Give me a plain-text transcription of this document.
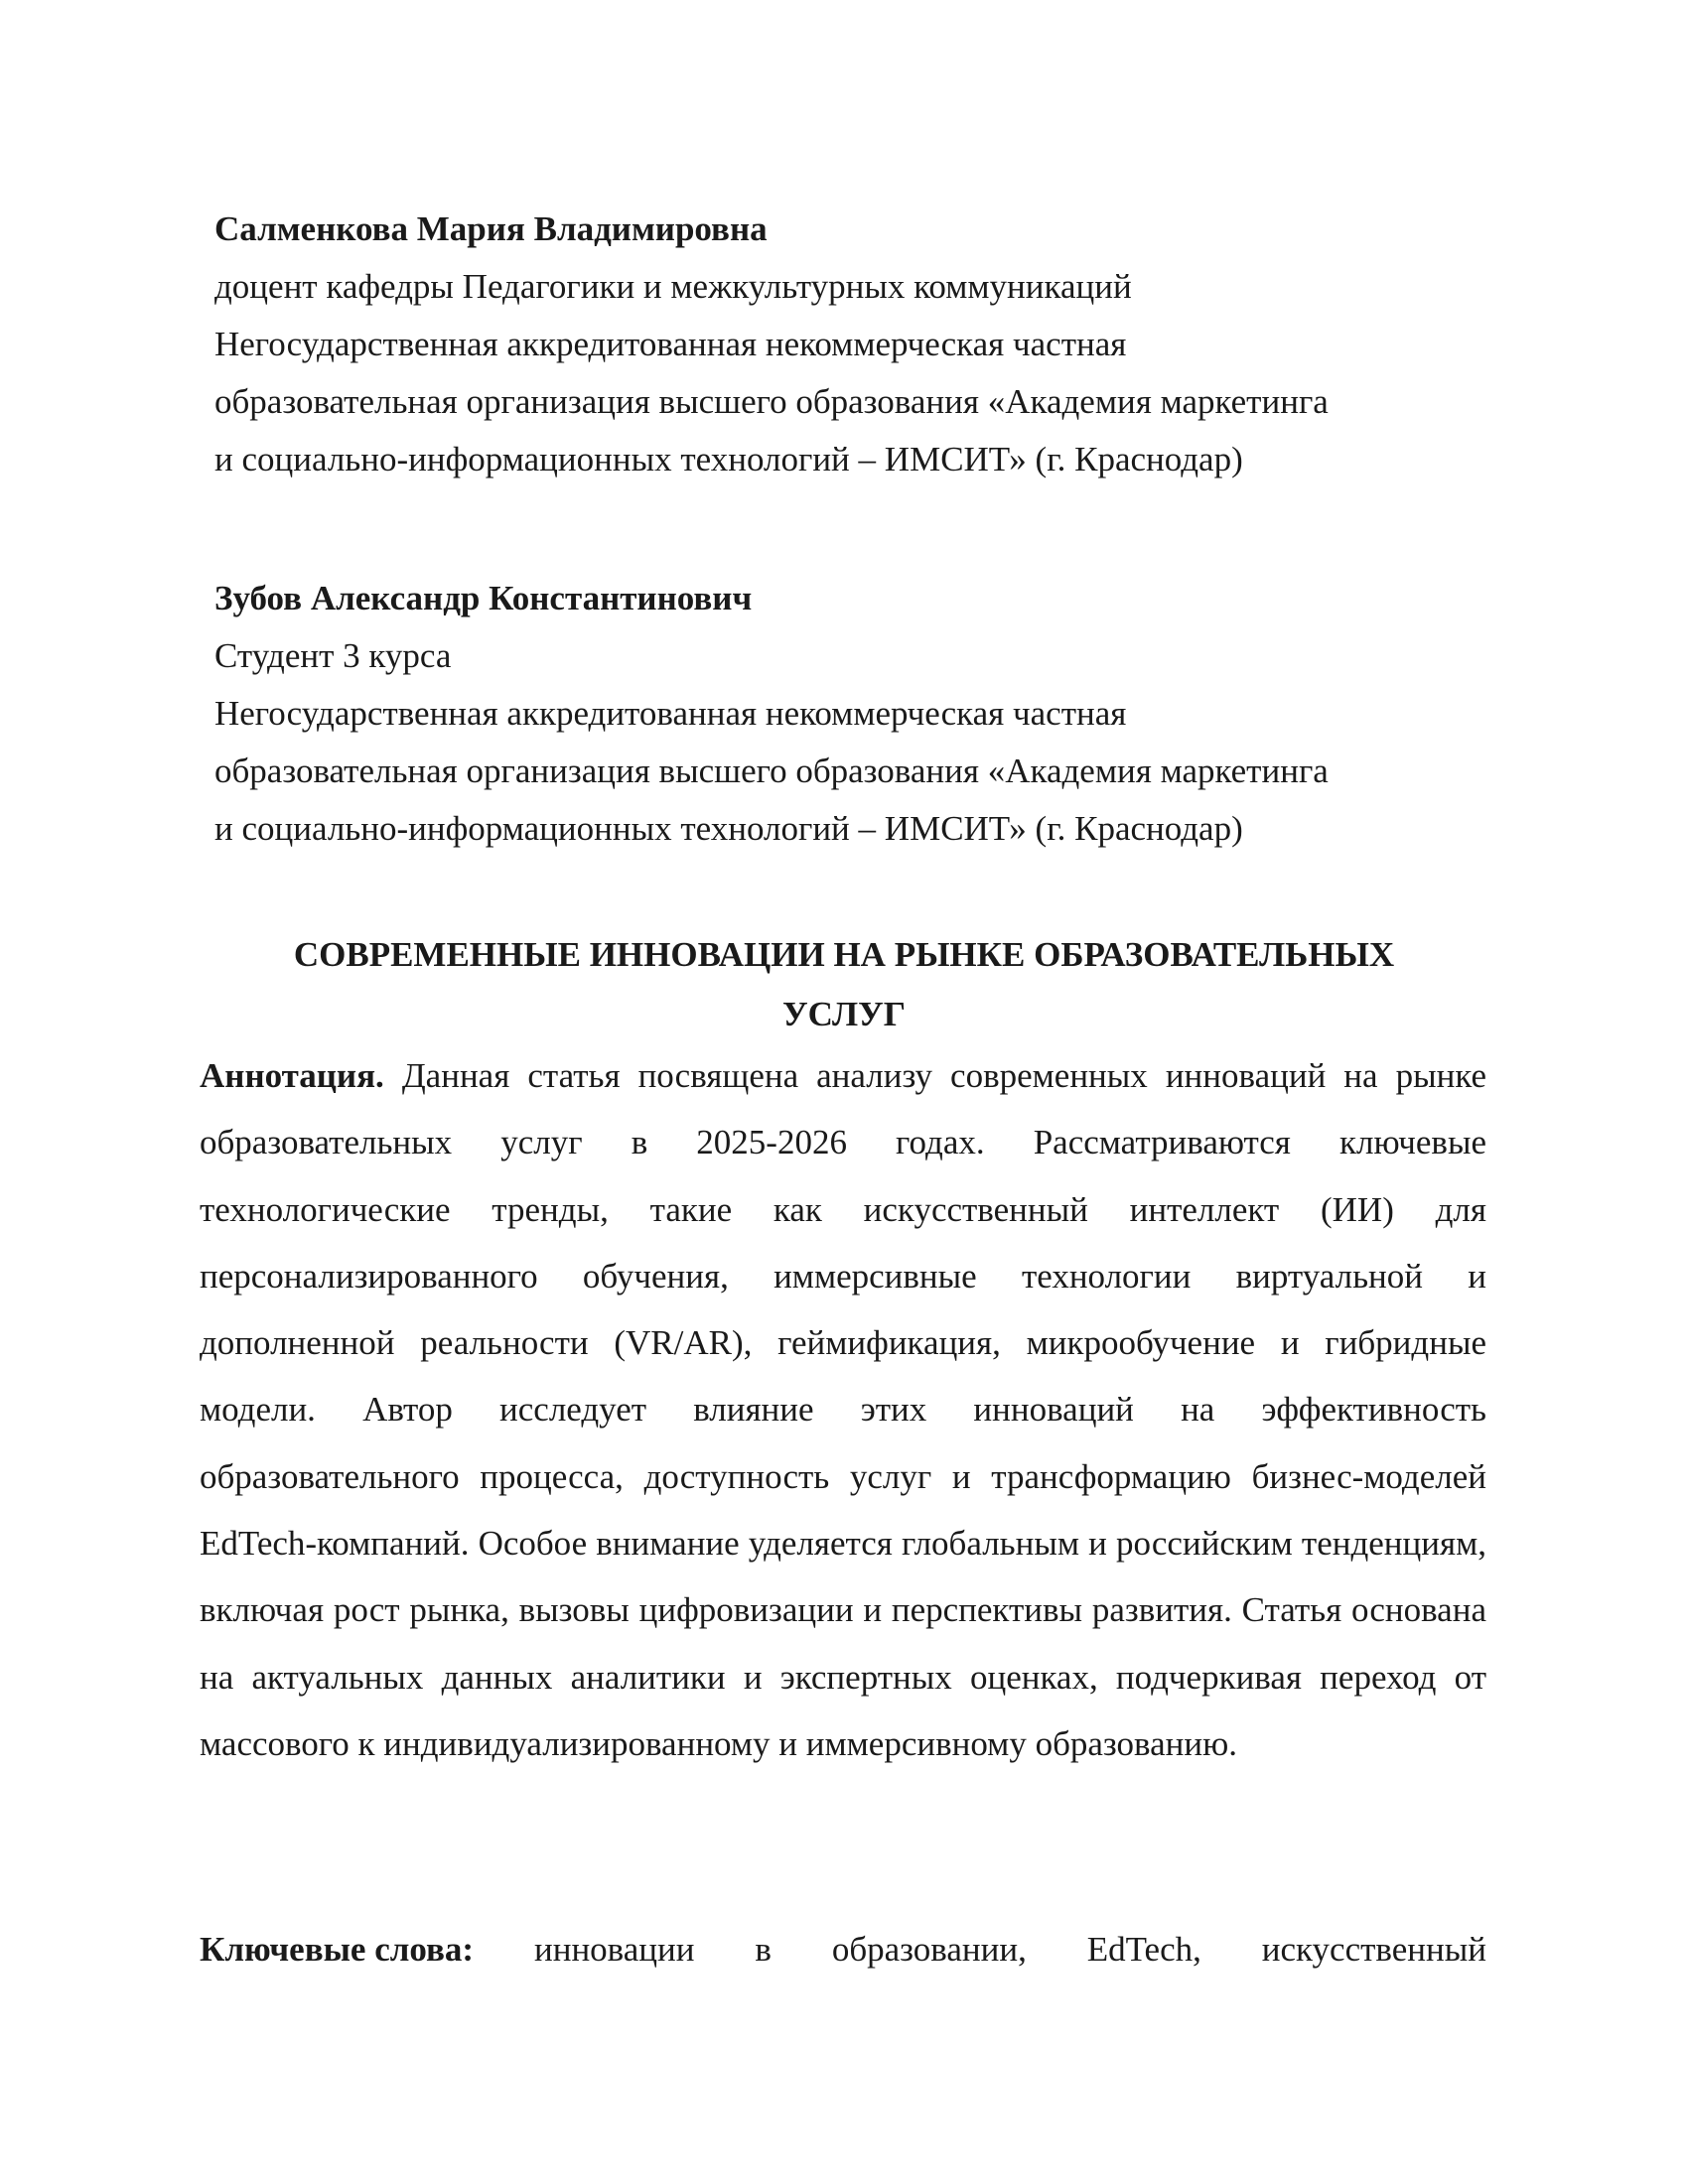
Салменкова Мария Владимировна
доцент кафедры Педагогики и межкультурных коммуникаций
Негосударственная аккредитованная некоммерческая частная
образовательная организация высшего образования «Академия маркетинга
и социально-информационных технологий – ИМСИТ» (г. Краснодар)
Зубов Александр Константинович
Студент 3 курса
Негосударственная аккредитованная некоммерческая частная
образовательная организация высшего образования «Академия маркетинга
и социально-информационных технологий – ИМСИТ» (г. Краснодар)
СОВРЕМЕННЫЕ ИННОВАЦИИ НА РЫНКЕ ОБРАЗОВАТЕЛЬНЫХ
УСЛУГ
Аннотация. Данная статья посвящена анализу современных инноваций на рынке образовательных услуг в 2025-2026 годах. Рассматриваются ключевые технологические тренды, такие как искусственный интеллект (ИИ) для персонализированного обучения, иммерсивные технологии виртуальной и дополненной реальности (VR/AR), геймификация, микрообучение и гибридные модели. Автор исследует влияние этих инноваций на эффективность образовательного процесса, доступность услуг и трансформацию бизнес-моделей EdTech-компаний. Особое внимание уделяется глобальным и российским тенденциям, включая рост рынка, вызовы цифровизации и перспективы развития. Статья основана на актуальных данных аналитики и экспертных оценках, подчеркивая переход от массового к индивидуализированному и иммерсивному образованию.
Ключевые слова: инновации в образовании, EdTech, искусственный
